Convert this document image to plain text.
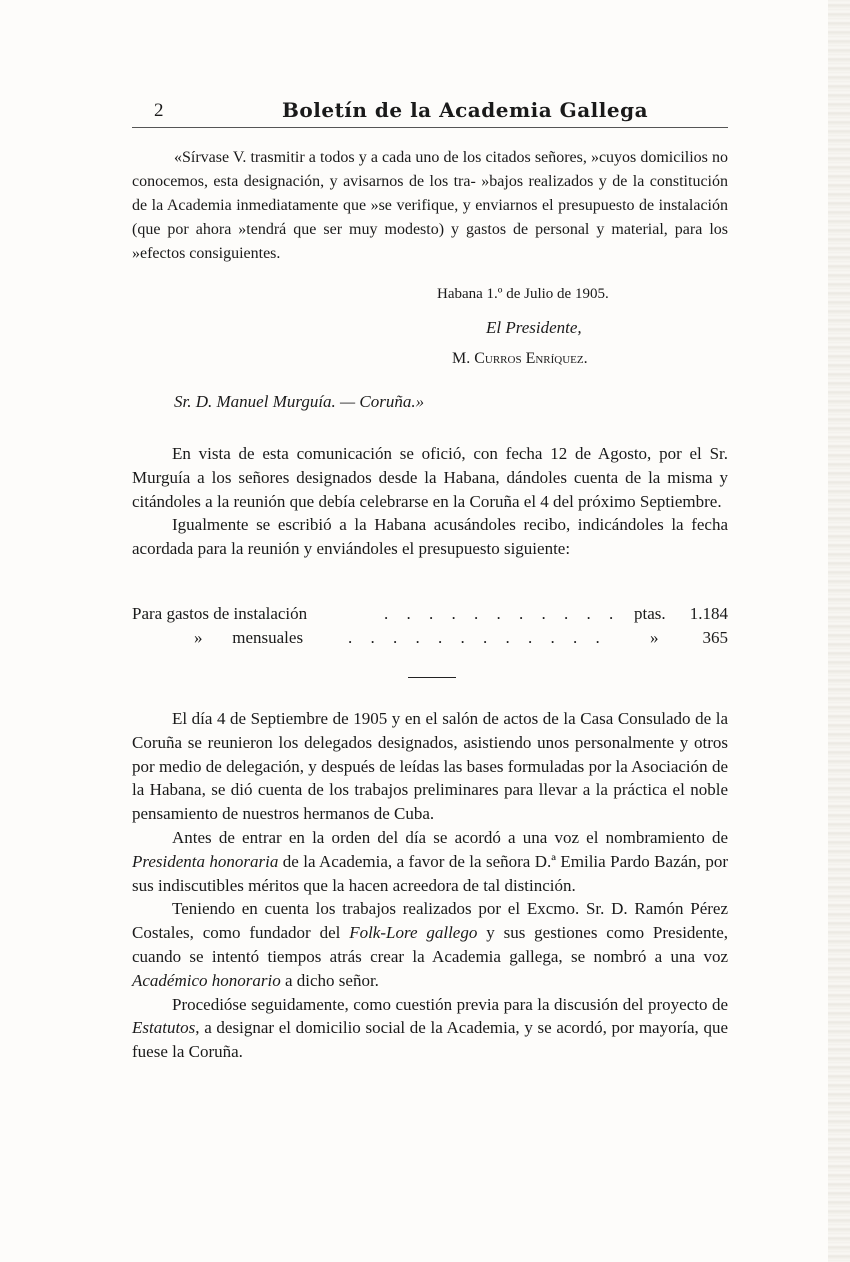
2	Boletín de la Academia Gallega

«Sírvase V. trasmitir a todos y a cada uno de los citados señores, »cuyos domicilios no conocemos, esta designación, y avisarnos de los tra- »bajos realizados y de la constitución de la Academia inmediatamente que »se verifique, y enviarnos el presupuesto de instalación (que por ahora »tendrá que ser muy modesto) y gastos de personal y material, para los »efectos consiguientes.

Habana 1.º de Julio de 1905.
El Presidente,
M. Curros Enríquez.
Sr. D. Manuel Murguía. — Coruña.»

En vista de esta comunicación se ofició, con fecha 12 de Agosto, por el Sr. Murguía a los señores designados desde la Habana, dándoles cuenta de la misma y citándoles a la reunión que debía celebrarse en la Coruña el 4 del próximo Septiembre.

Igualmente se escribió a la Habana acusándoles recibo, indicándoles la fecha acordada para la reunión y enviándoles el presupuesto siguiente:

Para gastos de instalación	. . . . . . . . . . . ptas. 1.184
»       mensuales	. . . . . . . . . . . .	»	365

El día 4 de Septiembre de 1905 y en el salón de actos de la Casa Consulado de la Coruña se reunieron los delegados designados, asistiendo unos personalmente y otros por medio de delegación, y después de leídas las bases formuladas por la Asociación de la Habana, se dió cuenta de los trabajos preliminares para llevar a la práctica el noble pensamiento de nuestros hermanos de Cuba.

Antes de entrar en la orden del día se acordó a una voz el nombramiento de Presidenta honoraria de la Academia, a favor de la señora D.ª Emilia Pardo Bazán, por sus indiscutibles méritos que la hacen acreedora de tal distinción.

Teniendo en cuenta los trabajos realizados por el Excmo. Sr. D. Ramón Pérez Costales, como fundador del Folk-Lore gallego y sus gestiones como Presidente, cuando se intentó tiempos atrás crear la Academia gallega, se nombró a una voz Académico honorario a dicho señor.

Procedióse seguidamente, como cuestión previa para la discusión del proyecto de Estatutos, a designar el domicilio social de la Academia, y se acordó, por mayoría, que fuese la Coruña.
